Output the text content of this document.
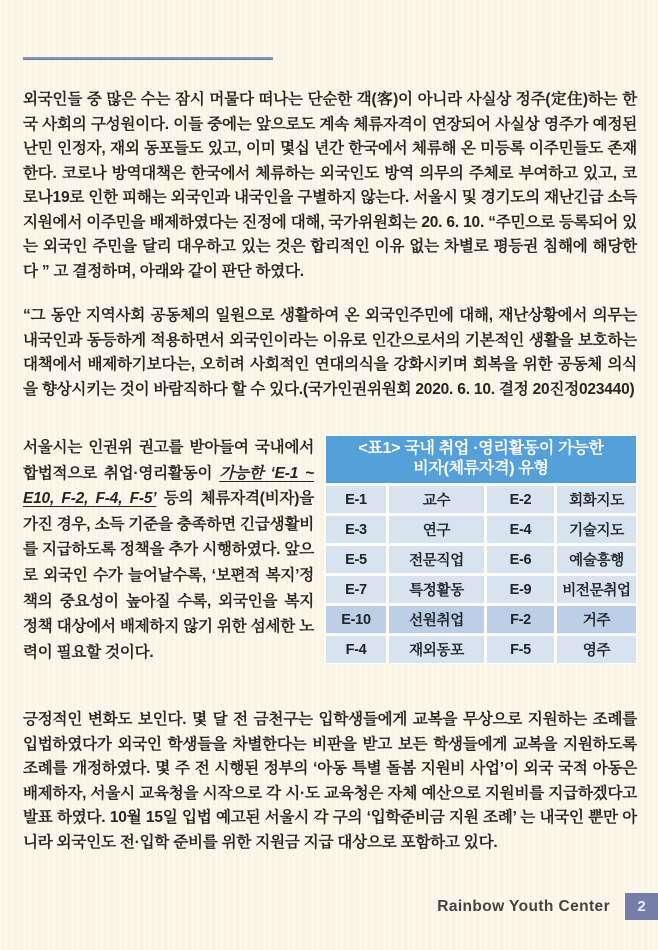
외국인들 중 많은 수는 잠시 머물다 떠나는 단순한 객(客)이 아니라 사실상 정주(定住)하는 한국 사회의 구성원이다. 이들 중에는 앞으로도 계속 체류자격이 연장되어 사실상 영주가 예정된 난민 인정자, 재외 동포들도 있고, 이미 몇십 년간 한국에서 체류해 온 미등록 이주민들도 존재한다. 코로나 방역대책은 한국에서 체류하는 외국인도 방역 의무의 주체로 부여하고 있고, 코로나19로 인한 피해는 외국인과 내국인을 구별하지 않는다. 서울시 및 경기도의 재난긴급 소득지원에서 이주민을 배제하였다는 진정에 대해, 국가위원회는 20. 6. 10. “주민으로 등록되어 있는 외국인 주민을 달리 대우하고 있는 것은 합리적인 이유 없는 차별로 평등권 침해에 해당한다 ” 고 결정하며, 아래와 같이 판단 하였다.

“그 동안 지역사회 공동체의 일원으로 생활하여 온 외국인주민에 대해, 재난상황에서 의무는 내국인과 동등하게 적용하면서 외국인이라는 이유로 인간으로서의 기본적인 생활을 보호하는 대책에서 배제하기보다는, 오히려 사회적인 연대의식을 강화시키며 회복을 위한 공동체 의식을 향상시키는 것이 바람직하다 할 수 있다.(국가인권위원회 2020. 6. 10. 결정 20진정023440)

서울시는 인권위 권고를 받아들여 국내에서 합법적으로 취업·영리활동이 가능한 ‘E-1 ~ E10, F-2, F-4, F-5’ 등의 체류자격(비자)을 가진 경우, 소득 기준을 충족하면 긴급생활비를 지급하도록 정책을 추가 시행하였다. 앞으로 외국인 수가 늘어날수록, ‘보편적 복지’정책의 중요성이 높아질 수록, 외국인을 복지 정책 대상에서 배제하지 않기 위한 섬세한 노력이 필요할 것이다.
<표1> 국내 취업 ·영리활동이 가능한
비자(체류자격) 유형
E-1	교수	E-2	회화지도
E-3	연구	E-4	기술지도
E-5	전문직업	E-6	예술흥행
E-7	특정활동	E-9	비전문취업
E-10	선원취업	F-2	거주
F-4	재외동포	F-5	영주

긍정적인 변화도 보인다. 몇 달 전 금천구는 입학생들에게 교복을 무상으로 지원하는 조례를 입법하였다가 외국인 학생들을 차별한다는 비판을 받고 보든 학생들에게 교복을 지원하도록 조례를 개정하였다. 몇 주 전 시행된 정부의 ‘아동 특별 돌봄 지원비 사업’이 외국 국적 아동은 배제하자, 서울시 교육청을 시작으로 각 시·도 교육청은 자체 예산으로 지원비를 지급하겠다고 발표 하였다. 10월 15일 입법 예고된 서울시 각 구의 ‘입학준비금 지원 조례’ 는 내국인 뿐만 아니라 외국인도 전·입학 준비를 위한 지원금 지급 대상으로 포함하고 있다.

Rainbow Youth Center	2
